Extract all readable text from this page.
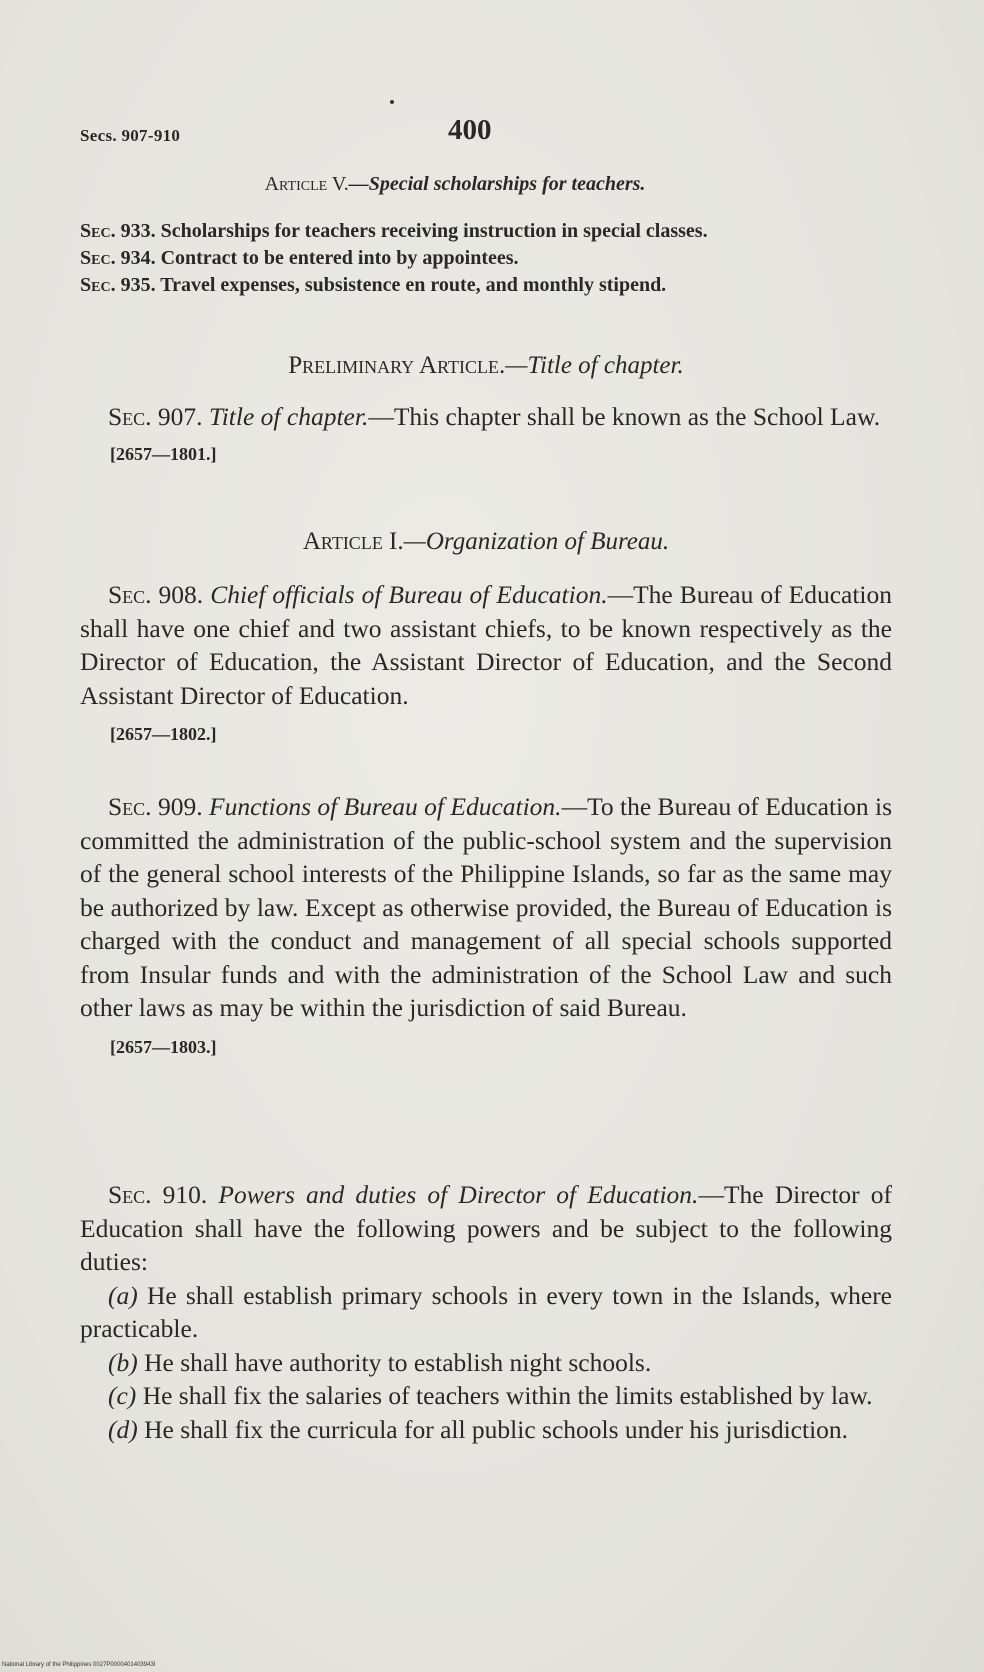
Secs. 907-910	400
Article V.—Special scholarships for teachers.
Sec. 933. Scholarships for teachers receiving instruction in special classes.
Sec. 934. Contract to be entered into by appointees.
Sec. 935. Travel expenses, subsistence en route, and monthly stipend.
Preliminary Article.—Title of chapter.
Sec. 907. Title of chapter.—This chapter shall be known as the School Law.
[2657—1801.]
Article I.—Organization of Bureau.
Sec. 908. Chief officials of Bureau of Education.—The Bureau of Education shall have one chief and two assistant chiefs, to be known respectively as the Director of Education, the Assistant Director of Education, and the Second Assistant Director of Education.
[2657—1802.]
Sec. 909. Functions of Bureau of Education.—To the Bureau of Education is committed the administration of the public-school system and the supervision of the general school interests of the Philippine Islands, so far as the same may be authorized by law. Except as otherwise provided, the Bureau of Education is charged with the conduct and management of all special schools supported from Insular funds and with the administration of the School Law and such other laws as may be within the jurisdiction of said Bureau.
[2657—1803.]
Sec. 910. Powers and duties of Director of Education.—The Director of Education shall have the following powers and be subject to the following duties:
(a) He shall establish primary schools in every town in the Islands, where practicable.
(b) He shall have authority to establish night schools.
(c) He shall fix the salaries of teachers within the limits established by law.
(d) He shall fix the curricula for all public schools under his jurisdiction.
National Library of the Philippines 0027P0000401403943I
